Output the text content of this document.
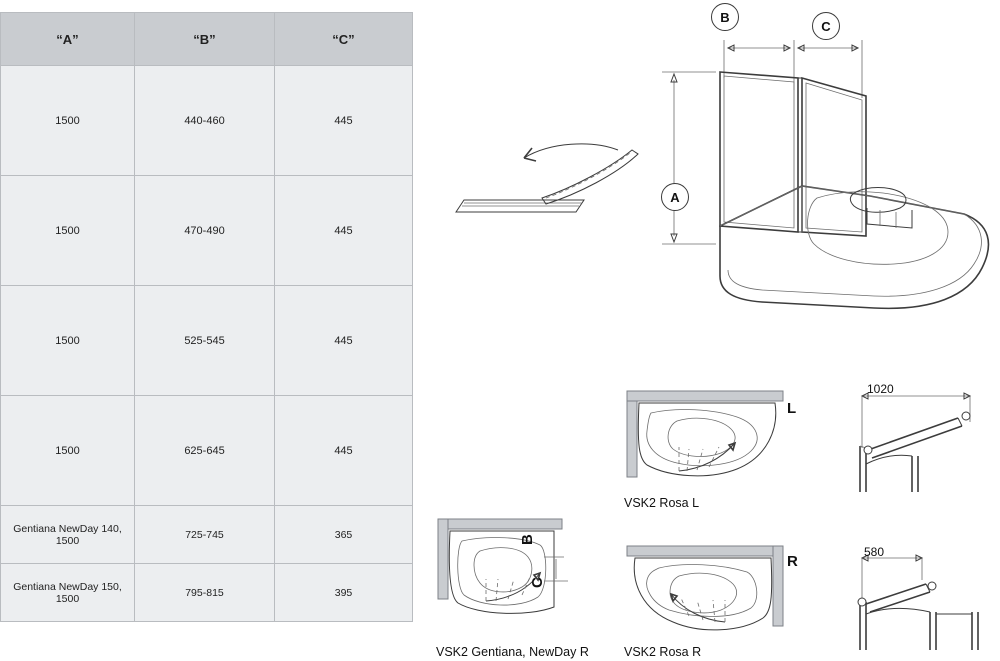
“A”	“B”	“C”
1500	440-460	445
1500	470-490	445
1500	525-545	445
1500	625-645	445
Gentiana NewDay 140, 1500	725-745	365
Gentiana NewDay 150, 1500	795-815	395
B
C
A
L
VSK2 Rosa L
1020
B
C
VSK2 Gentiana, NewDay R
R
VSK2 Rosa R
580
